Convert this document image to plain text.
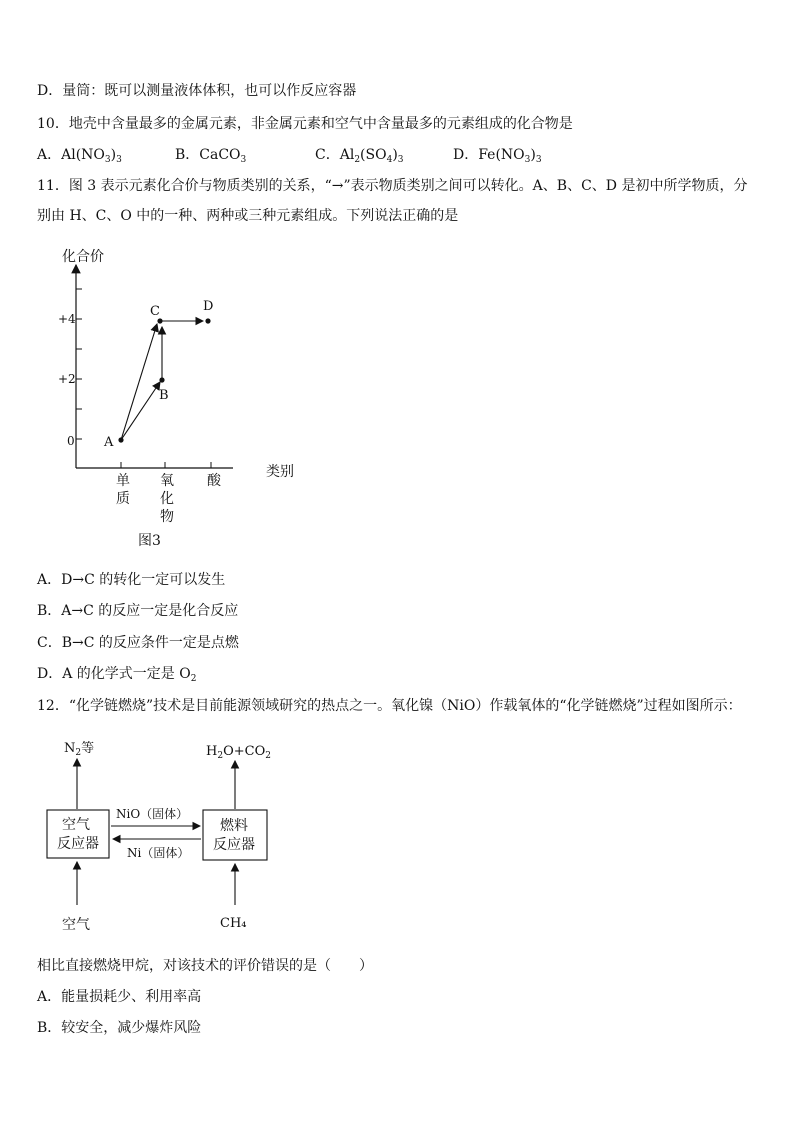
D．量筒：既可以测量液体体积，也可以作反应容器
10．地壳中含量最多的金属元素，非金属元素和空气中含量最多的元素组成的化合物是
A．$Al(NO_3)_3$	B．CaCO$_3$	C．$Al_2(SO_4)_3$	D．$Fe(NO_3)_3$
11．图 3 表示元素化合价与物质类别的关系，“→”表示物质类别之间可以转化。A、B、C、D 是初中所学物质，分
别由 H、C、O 中的一种、两种或三种元素组成。下列说法正确的是
化合价
+4
+2
0
类别
单
质
氧
化
物
酸
图3
A
B
C	D
A．D→C 的转化一定可以发生
B．A→C 的反应一定是化合反应
C．B→C 的反应条件一定是点燃
D．A 的化学式一定是 $O_2$
12．“化学链燃烧”技术是目前能源领域研究的热点之一。氧化镍（NiO）作载氧体的“化学链燃烧”过程如图所示：
$N_2$等	$H_2O+CO_2$
空气
反应器
燃料
反应器
NiO（固体）
Ni（固体）
空气	CH₄
相比直接燃烧甲烷，对该技术的评价错误的是（　　）
A．能量损耗少、利用率高
B．较安全，减少爆炸风险
